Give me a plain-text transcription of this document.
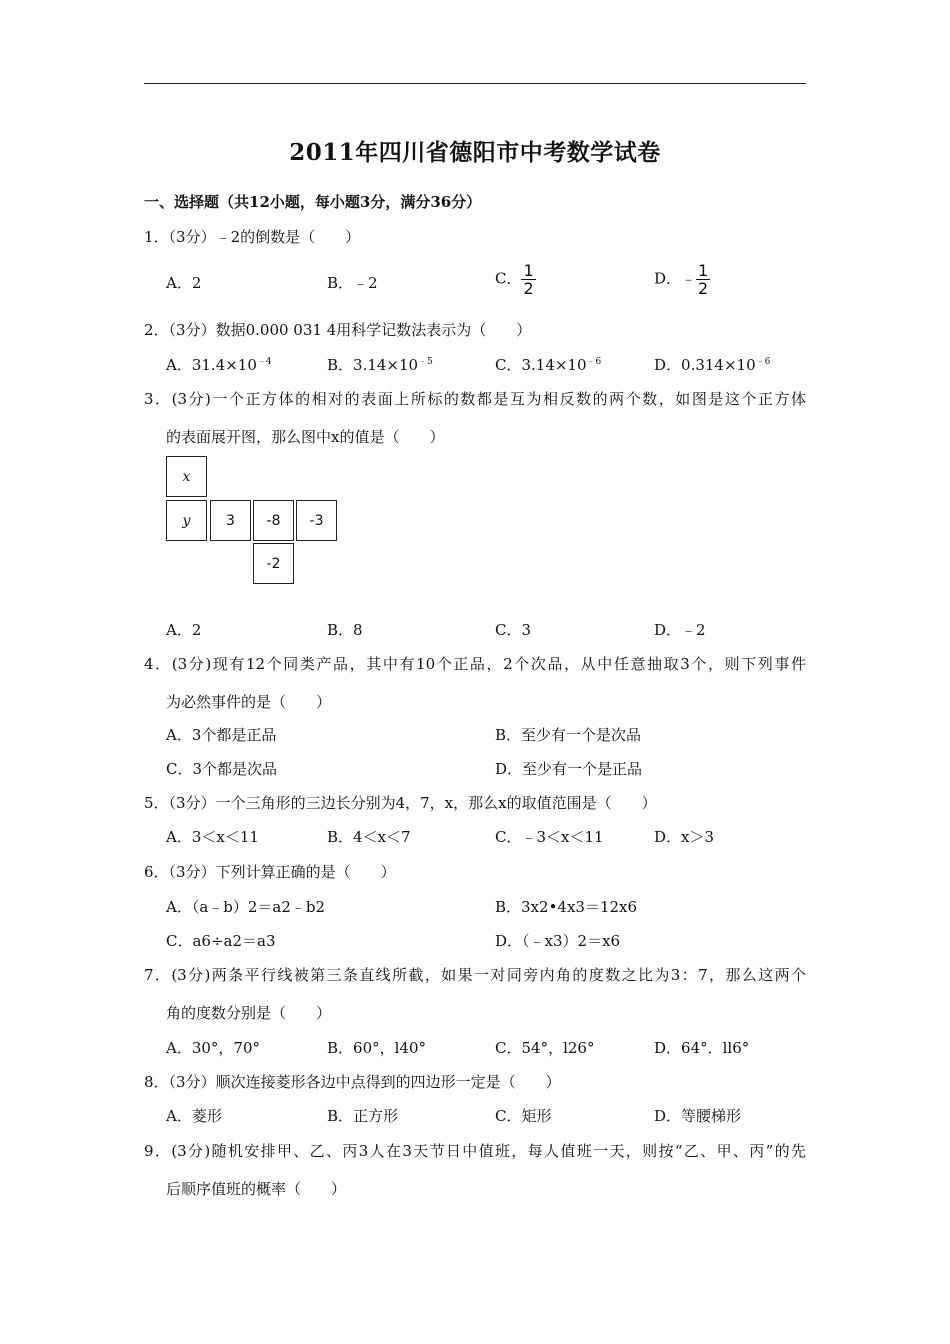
2011年四川省德阳市中考数学试卷
一、选择题（共12小题，每小题3分，满分36分）
1．（3分）﹣2的倒数是（　　）
A．2	B．﹣2	C． $\frac{1}{2}$	D．﹣ $\frac{1}{2}$
2．（3分）数据0.000 031 4用科学记数法表示为（　　）
A．$31.4\times 10^{﹣4}$	B．$3.14\times 10^{﹣5}$	C．$3.14\times 10^{﹣6}$	D．$0.314\times 10^{﹣6}$
3．(3分)一个正方体的相对的表面上所标的数都是互为相反数的两个数，如图是这个正方体
的表面展开图，那么图中x的值是（　　）
x
y	3	-8	-3
-2
A．2	B．8	C．3	D．﹣2
4．(3分)现有12个同类产品，其中有10个正品，2个次品，从中任意抽取3个，则下列事件
为必然事件的是（　　）
A．3个都是正品	B．至少有一个是次品
C．3个都是次品	D．至少有一个是正品
5．（3分）一个三角形的三边长分别为4，7，x，那么x的取值范围是（　　）
A．3＜x＜11	B．4＜x＜7	C．﹣3＜x＜11	D．x＞3
6．（3分）下列计算正确的是（　　）
A．（a﹣b）2＝a2﹣b2	B．3x2•4x3＝12x6
C．a6÷a2＝a3	D．（﹣x3）2＝x6
7．(3分)两条平行线被第三条直线所截，如果一对同旁内角的度数之比为3：7，那么这两个
角的度数分别是（　　）
A．30°，70°	B．60°，l40°	C．54°，l26°	D．64°．ll6°
8．（3分）顺次连接菱形各边中点得到的四边形一定是（　　）
A．菱形	B．正方形	C．矩形	D．等腰梯形
9．(3分)随机安排甲、乙、丙3人在3天节日中值班，每人值班一天，则按“乙、甲、丙”的先
后顺序值班的概率（　　）
